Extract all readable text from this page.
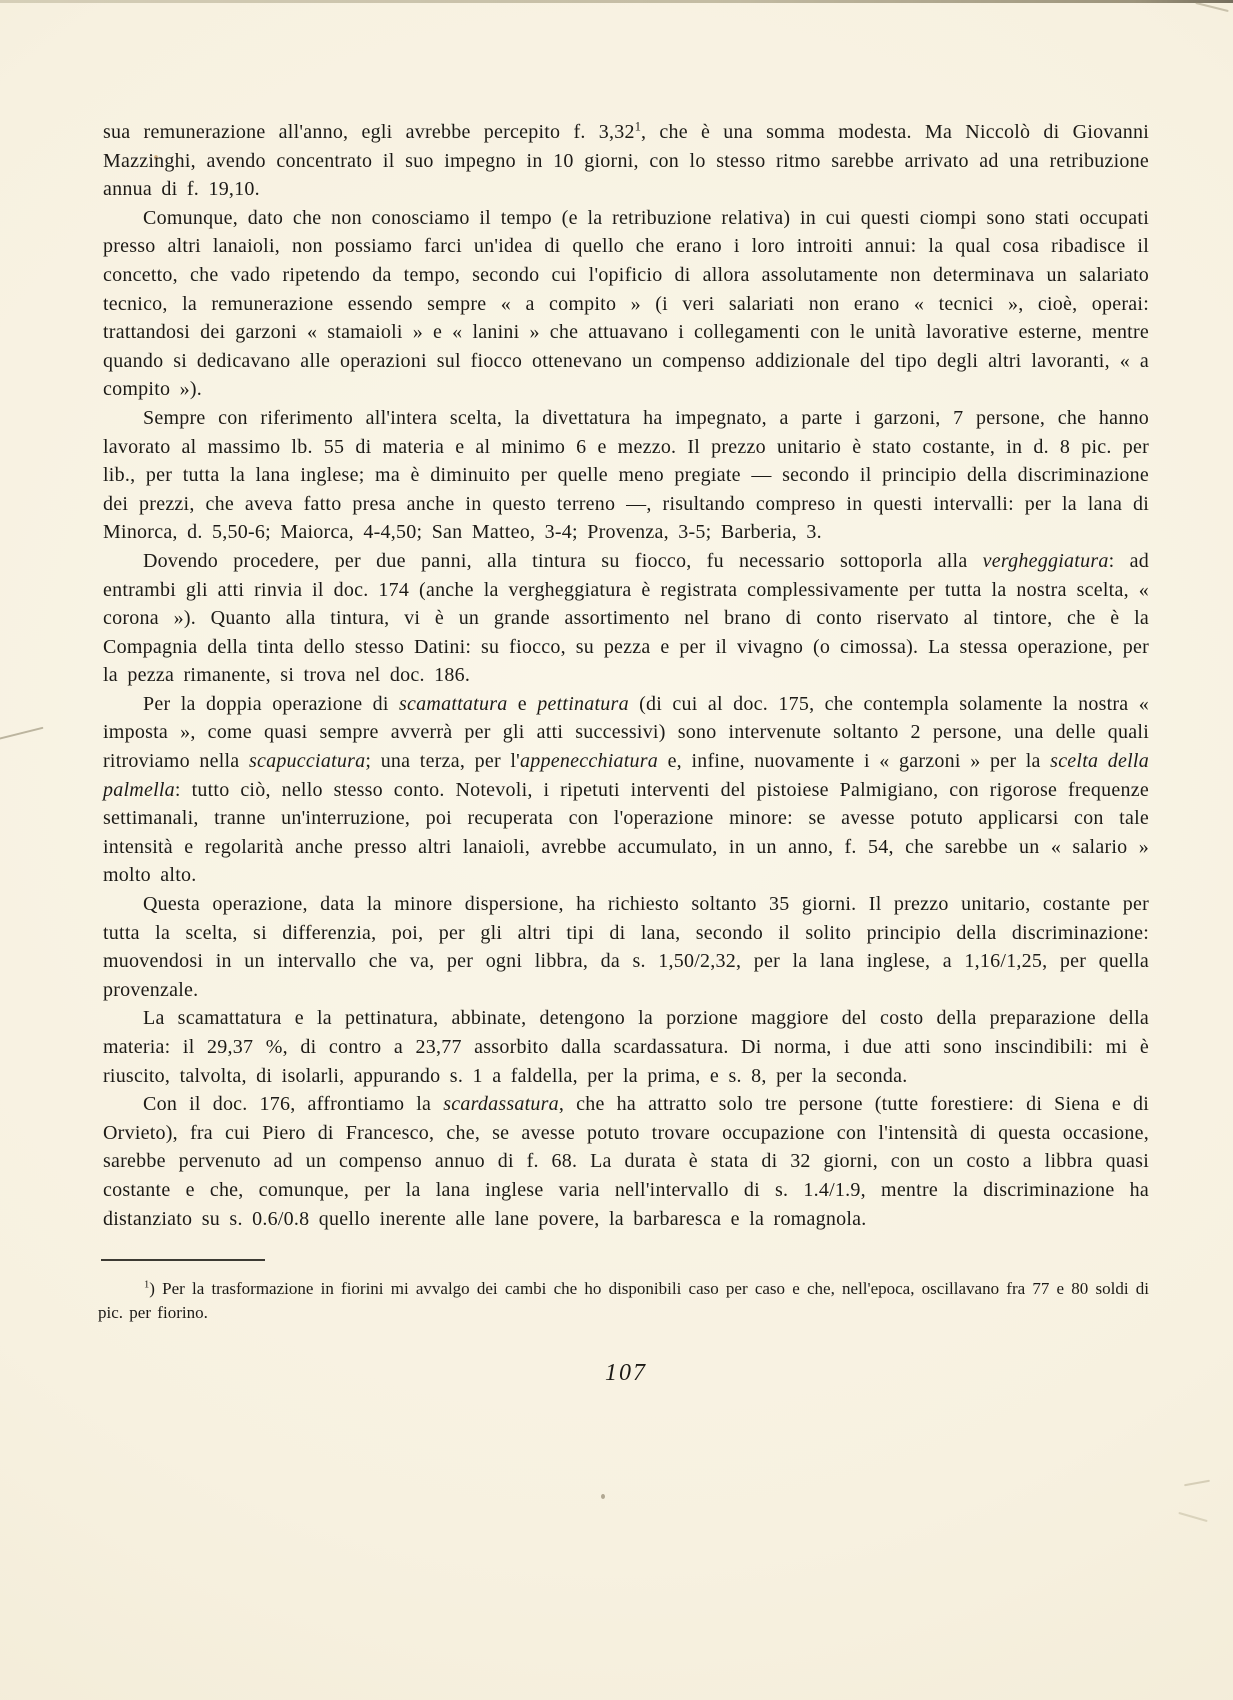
sua remunerazione all'anno, egli avrebbe percepito f. 3,32$^1$, che è una somma modesta. Ma Niccolò di Giovanni Mazzinghi, avendo concentrato il suo impegno in 10 giorni, con lo stesso ritmo sarebbe arrivato ad una retribuzione annua di f. 19,10.

Comunque, dato che non conosciamo il tempo (e la retribuzione relativa) in cui questi ciompi sono stati occupati presso altri lanaioli, non possiamo farci un'idea di quello che erano i loro introiti annui: la qual cosa ribadisce il concetto, che vado ripetendo da tempo, secondo cui l'opificio di allora assolutamente non determinava un salariato tecnico, la remunerazione essendo sempre « a compito » (i veri salariati non erano « tecnici », cioè, operai: trattandosi dei garzoni « stamaioli » e « lanini » che attuavano i collegamenti con le unità lavorative esterne, mentre quando si dedicavano alle operazioni sul fiocco ottenevano un compenso addizionale del tipo degli altri lavoranti, « a compito »).

Sempre con riferimento all'intera scelta, la divettatura ha impegnato, a parte i garzoni, 7 persone, che hanno lavorato al massimo lb. 55 di materia e al minimo 6 e mezzo. Il prezzo unitario è stato costante, in d. 8 pic. per lib., per tutta la lana inglese; ma è diminuito per quelle meno pregiate — secondo il principio della discriminazione dei prezzi, che aveva fatto presa anche in questo terreno —, risultando compreso in questi intervalli: per la lana di Minorca, d. 5,50-6; Maiorca, 4-4,50; San Matteo, 3-4; Provenza, 3-5; Barberia, 3.

Dovendo procedere, per due panni, alla tintura su fiocco, fu necessario sottoporla alla vergheggiatura: ad entrambi gli atti rinvia il doc. 174 (anche la vergheggiatura è registrata complessivamente per tutta la nostra scelta, « corona »). Quanto alla tintura, vi è un grande assortimento nel brano di conto riservato al tintore, che è la Compagnia della tinta dello stesso Datini: su fiocco, su pezza e per il vivagno (o cimossa). La stessa operazione, per la pezza rimanente, si trova nel doc. 186.

Per la doppia operazione di scamattatura e pettinatura (di cui al doc. 175, che contempla solamente la nostra « imposta », come quasi sempre avverrà per gli atti successivi) sono intervenute soltanto 2 persone, una delle quali ritroviamo nella scapucciatura; una terza, per l'appenecchiatura e, infine, nuovamente i « garzoni » per la scelta della palmella: tutto ciò, nello stesso conto. Notevoli, i ripetuti interventi del pistoiese Palmigiano, con rigorose frequenze settimanali, tranne un'interruzione, poi recuperata con l'operazione minore: se avesse potuto applicarsi con tale intensità e regolarità anche presso altri lanaioli, avrebbe accumulato, in un anno, f. 54, che sarebbe un « salario » molto alto.

Questa operazione, data la minore dispersione, ha richiesto soltanto 35 giorni. Il prezzo unitario, costante per tutta la scelta, si differenzia, poi, per gli altri tipi di lana, secondo il solito principio della discriminazione: muovendosi in un intervallo che va, per ogni libbra, da s. 1,50/2,32, per la lana inglese, a 1,16/1,25, per quella provenzale.

La scamattatura e la pettinatura, abbinate, detengono la porzione maggiore del costo della preparazione della materia: il 29,37 %, di contro a 23,77 assorbito dalla scardassatura. Di norma, i due atti sono inscindibili: mi è riuscito, talvolta, di isolarli, appurando s. 1 a faldella, per la prima, e s. 8, per la seconda.

Con il doc. 176, affrontiamo la scardassatura, che ha attratto solo tre persone (tutte forestiere: di Siena e di Orvieto), fra cui Piero di Francesco, che, se avesse potuto trovare occupazione con l'intensità di questa occasione, sarebbe pervenuto ad un compenso annuo di f. 68. La durata è stata di 32 giorni, con un costo a libbra quasi costante e che, comunque, per la lana inglese varia nell'intervallo di s. 1.4/1.9, mentre la discriminazione ha distanziato su s. 0.6/0.8 quello inerente alle lane povere, la barbaresca e la romagnola.

$^1$) Per la trasformazione in fiorini mi avvalgo dei cambi che ho disponibili caso per caso e che, nell'epoca, oscillavano fra 77 e 80 soldi di pic. per fiorino.
107
